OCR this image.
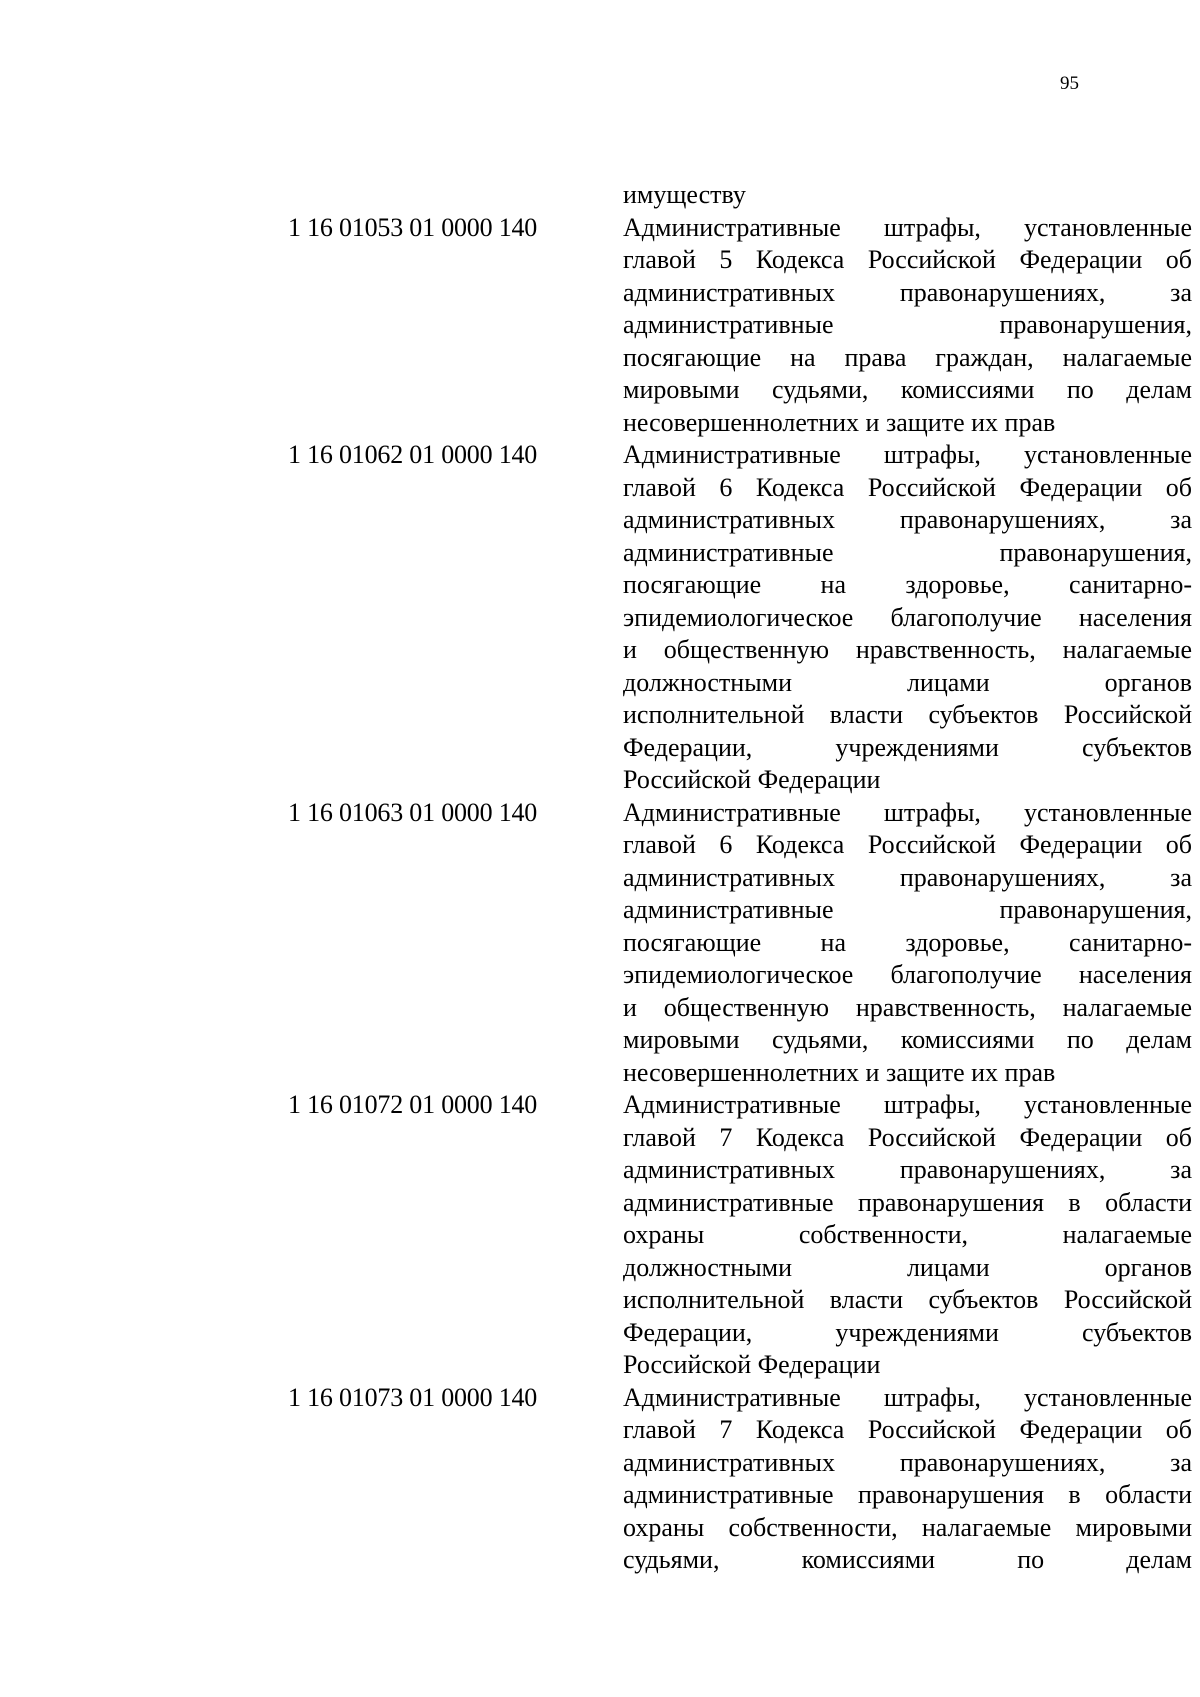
95
имуществу
1 16 01053 01 0000 140	Административные штрафы, установленные
главой 5 Кодекса Российской Федерации об
административных правонарушениях, за
административные правонарушения,
посягающие на права граждан, налагаемые
мировыми судьями, комиссиями по делам
несовершеннолетних и защите их прав
1 16 01062 01 0000 140	Административные штрафы, установленные
главой 6 Кодекса Российской Федерации об
административных правонарушениях, за
административные правонарушения,
посягающие на здоровье, санитарно-
эпидемиологическое благополучие населения
и общественную нравственность, налагаемые
должностными лицами органов
исполнительной власти субъектов Российской
Федерации, учреждениями субъектов
Российской Федерации
1 16 01063 01 0000 140	Административные штрафы, установленные
главой 6 Кодекса Российской Федерации об
административных правонарушениях, за
административные правонарушения,
посягающие на здоровье, санитарно-
эпидемиологическое благополучие населения
и общественную нравственность, налагаемые
мировыми судьями, комиссиями по делам
несовершеннолетних и защите их прав
1 16 01072 01 0000 140	Административные штрафы, установленные
главой 7 Кодекса Российской Федерации об
административных правонарушениях, за
административные правонарушения в области
охраны собственности, налагаемые
должностными лицами органов
исполнительной власти субъектов Российской
Федерации, учреждениями субъектов
Российской Федерации
1 16 01073 01 0000 140	Административные штрафы, установленные
главой 7 Кодекса Российской Федерации об
административных правонарушениях, за
административные правонарушения в области
охраны собственности, налагаемые мировыми
судьями, комиссиями по делам
